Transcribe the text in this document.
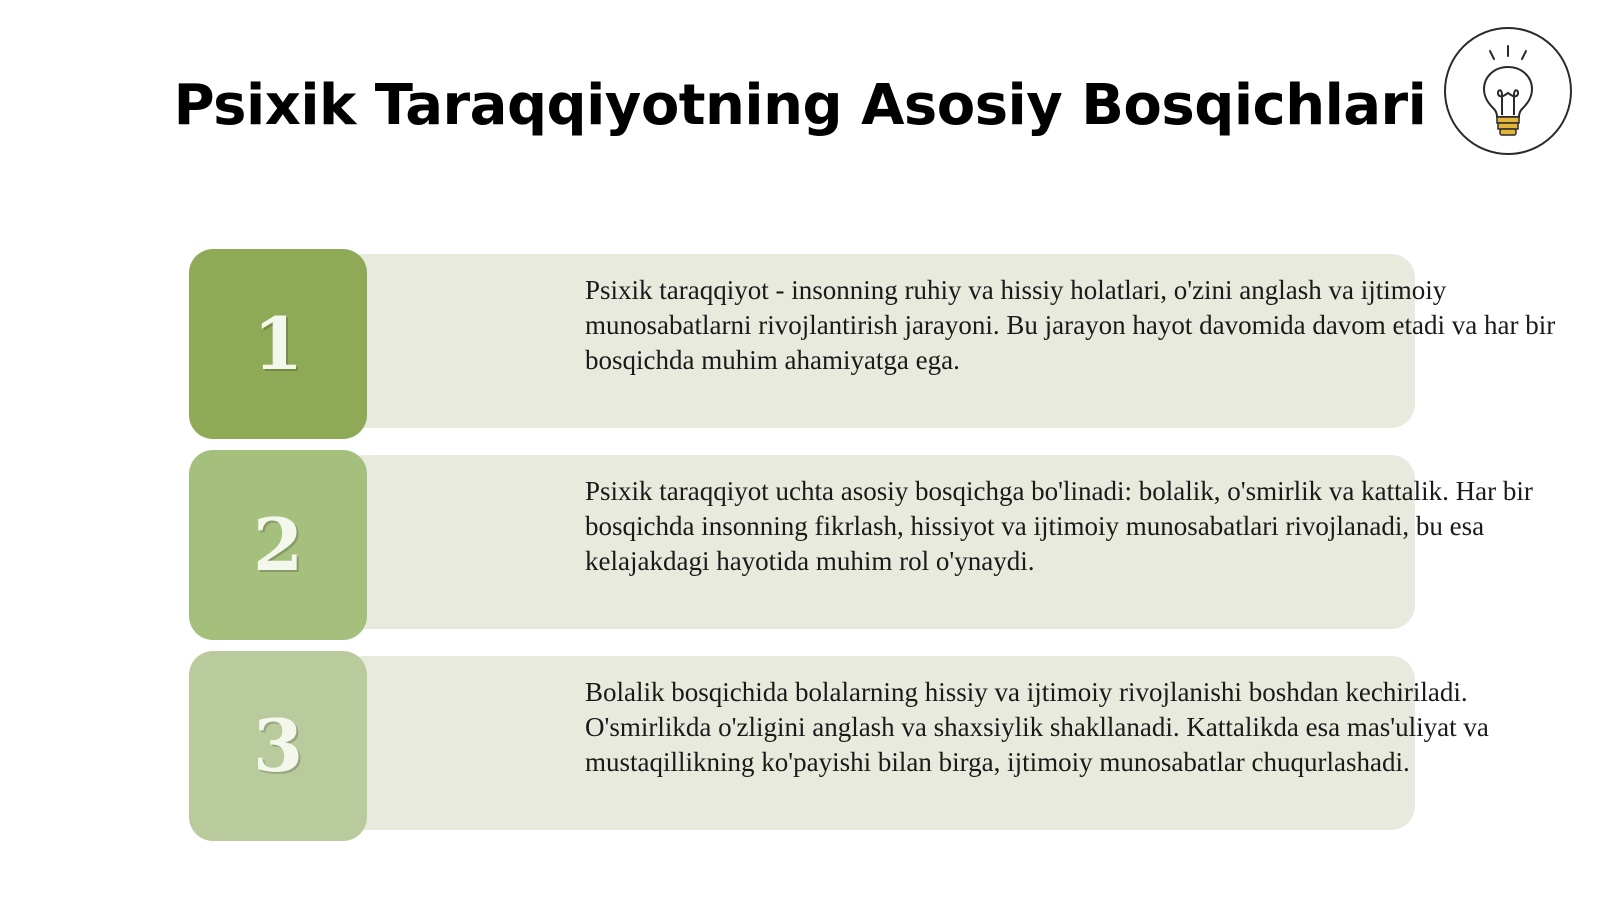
Psixik Taraqqiyotning Asosiy Bosqichlari
Psixik taraqqiyot - insonning ruhiy va hissiy holatlari, o'zini anglash va ijtimoiy munosabatlarni rivojlantirish jarayoni. Bu jarayon hayot davomida davom etadi va har bir bosqichda muhim ahamiyatga ega.
1
Psixik taraqqiyot uchta asosiy bosqichga bo'linadi: bolalik, o'smirlik va kattalik. Har bir bosqichda insonning fikrlash, hissiyot va ijtimoiy munosabatlari rivojlanadi, bu esa kelajakdagi hayotida muhim rol o'ynaydi.
2
Bolalik bosqichida bolalarning hissiy va ijtimoiy rivojlanishi boshdan kechiriladi. O'smirlikda o'zligini anglash va shaxsiylik shakllanadi. Kattalikda esa mas'uliyat va mustaqillikning ko'payishi bilan birga, ijtimoiy munosabatlar chuqurlashadi.
3
